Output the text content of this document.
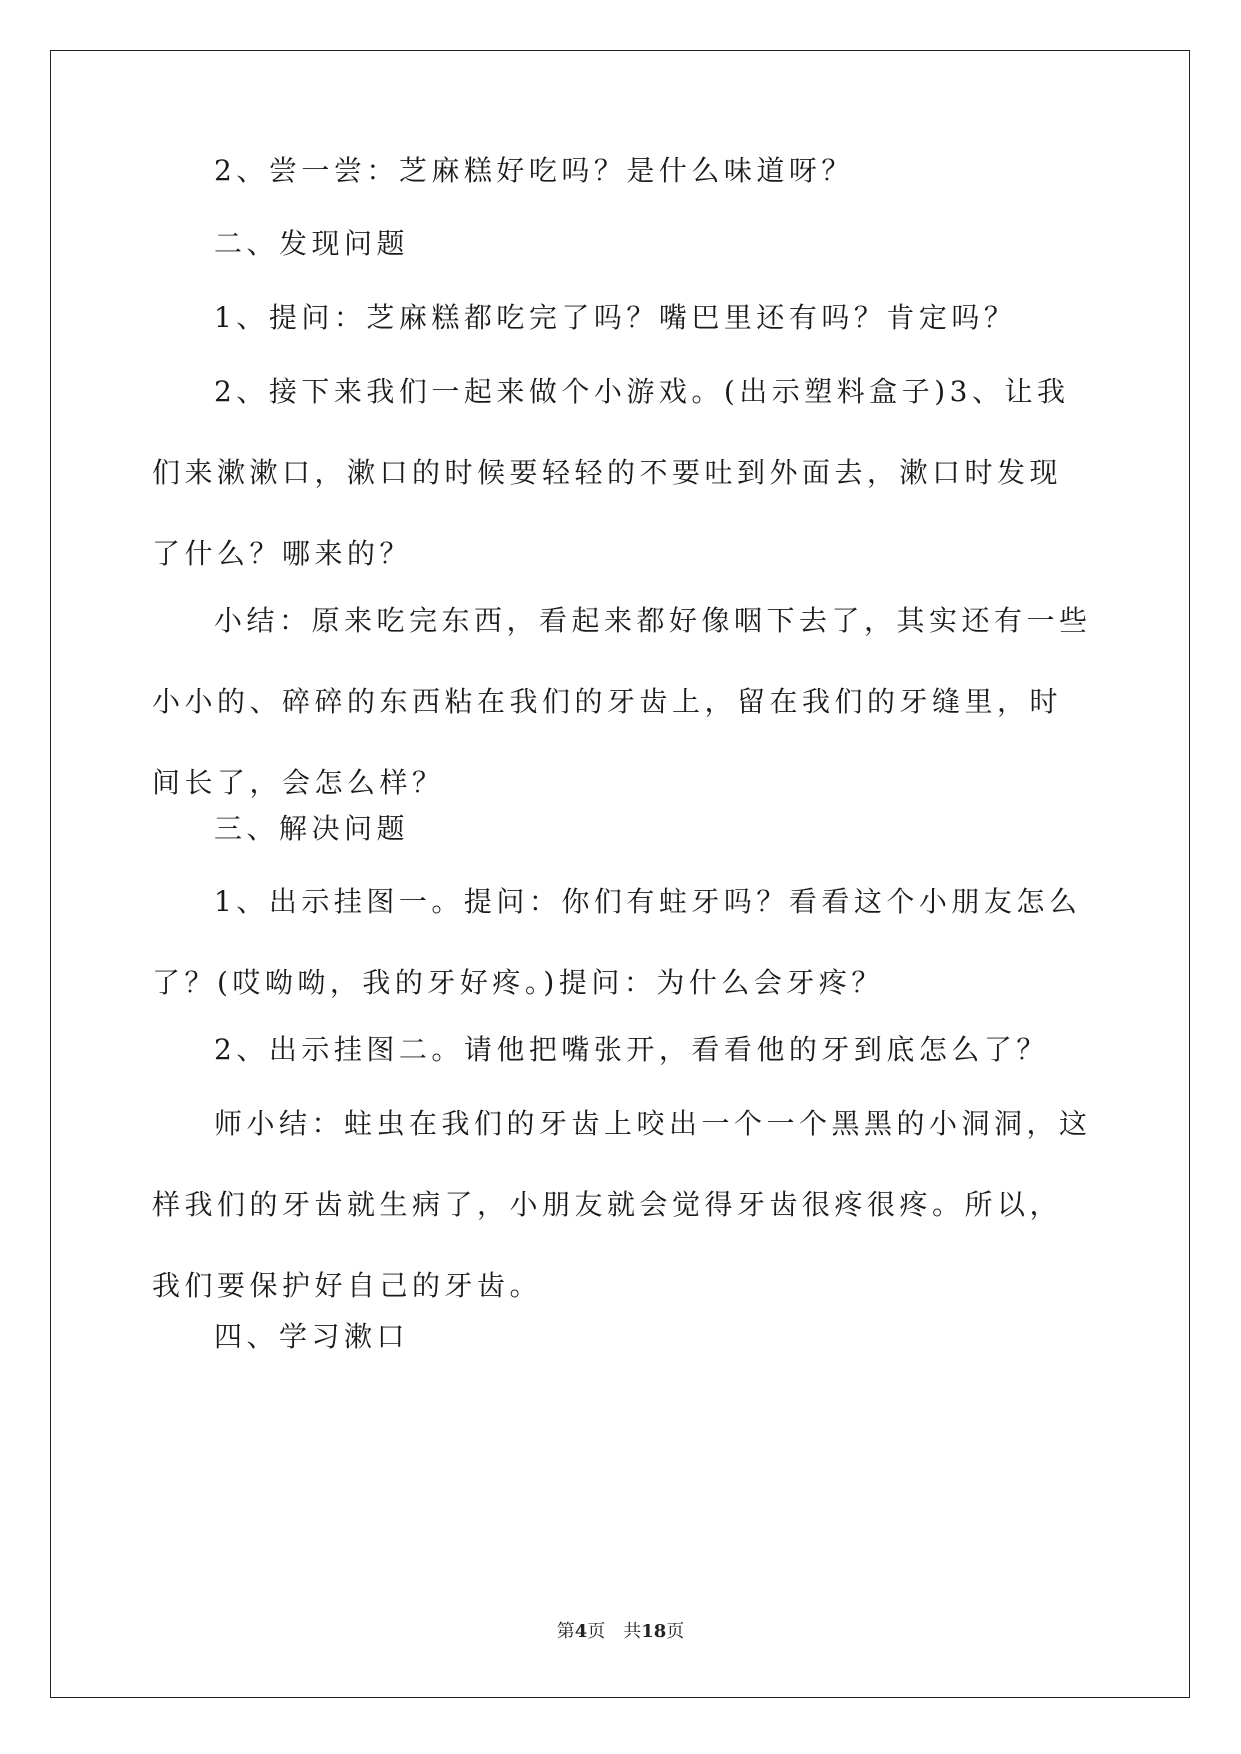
2、尝一尝：芝麻糕好吃吗？是什么味道呀？

二、发现问题

1、提问：芝麻糕都吃完了吗？嘴巴里还有吗？肯定吗？

2、接下来我们一起来做个小游戏。(出示塑料盒子)3、让我们来漱漱口，漱口的时候要轻轻的不要吐到外面去，漱口时发现了什么？哪来的？

小结：原来吃完东西，看起来都好像咽下去了，其实还有一些小小的、碎碎的东西粘在我们的牙齿上，留在我们的牙缝里，时间长了，会怎么样？

三、解决问题

1、出示挂图一。提问：你们有蛀牙吗？看看这个小朋友怎么了？(哎呦呦，我的牙好疼。)提问：为什么会牙疼？

2、出示挂图二。请他把嘴张开，看看他的牙到底怎么了？

师小结：蛀虫在我们的牙齿上咬出一个一个黑黑的小洞洞，这样我们的牙齿就生病了，小朋友就会觉得牙齿很疼很疼。所以，我们要保护好自己的牙齿。

四、学习漱口

第4页 共18页
